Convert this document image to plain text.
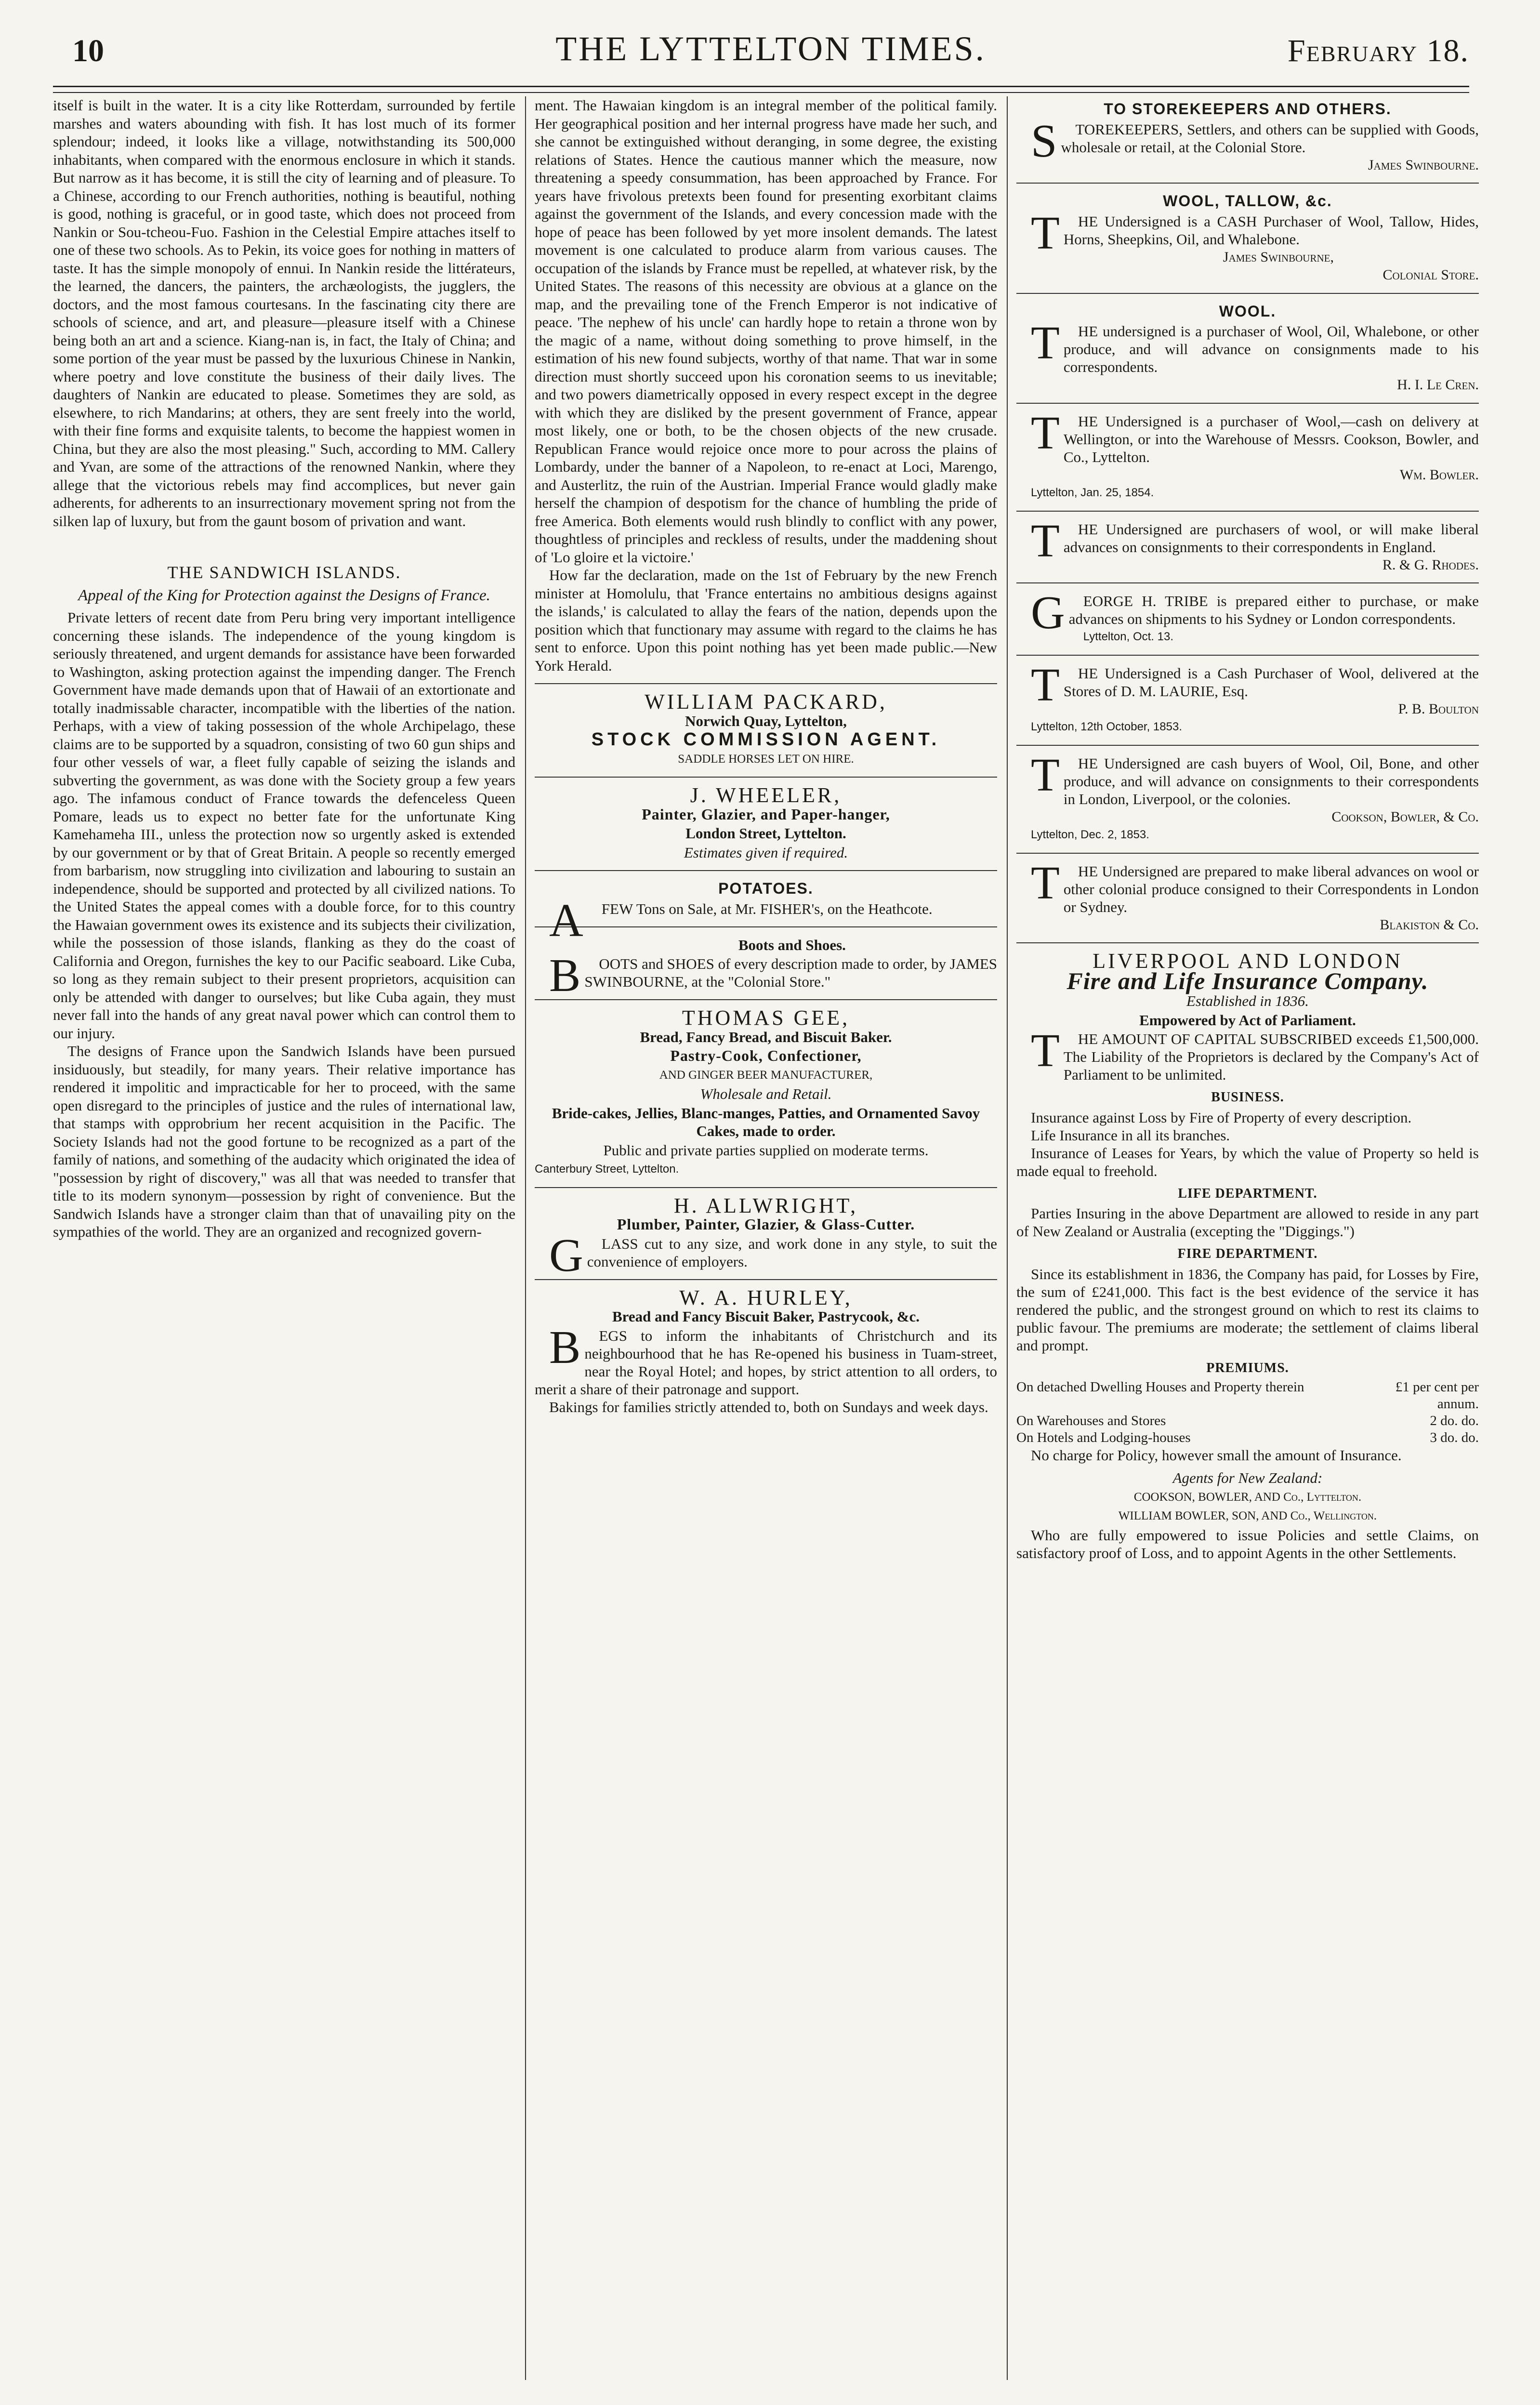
10	THE LYTTELTON TIMES.	February 18.

itself is built in the water. It is a city like Rotterdam, surrounded by fertile marshes and waters abounding with fish. It has lost much of its former splendour; indeed, it looks like a village, notwithstanding its 500,000 inhabitants, when compared with the enormous enclosure in which it stands. But narrow as it has become, it is still the city of learning and of pleasure. To a Chinese, according to our French authorities, nothing is beautiful, nothing is good, nothing is graceful, or in good taste, which does not proceed from Nankin or Sou-tcheou-Fuo. Fashion in the Celestial Empire attaches itself to one of these two schools. As to Pekin, its voice goes for nothing in matters of taste. It has the simple monopoly of ennui. In Nankin reside the littérateurs, the learned, the dancers, the painters, the archæologists, the jugglers, the doctors, and the most famous courtesans. In the fascinating city there are schools of science, and art, and pleasure—pleasure itself with a Chinese being both an art and a science. Kiang-nan is, in fact, the Italy of China; and some portion of the year must be passed by the luxurious Chinese in Nankin, where poetry and love constitute the business of their daily lives. The daughters of Nankin are educated to please. Sometimes they are sold, as elsewhere, to rich Mandarins; at others, they are sent freely into the world, with their fine forms and exquisite talents, to become the happiest women in China, but they are also the most pleasing." Such, according to MM. Callery and Yvan, are some of the attractions of the renowned Nankin, where they allege that the victorious rebels may find accomplices, but never gain adherents, for adherents to an insurrectionary movement spring not from the silken lap of luxury, but from the gaunt bosom of privation and want.

THE SANDWICH ISLANDS.
Appeal of the King for Protection against the Designs of France.

Private letters of recent date from Peru bring very important intelligence concerning these islands. The independence of the young kingdom is seriously threatened, and urgent demands for assistance have been forwarded to Washington, asking protection against the impending danger. The French Government have made demands upon that of Hawaii of an extortionate and totally inadmissable character, incompatible with the liberties of the nation. Perhaps, with a view of taking possession of the whole Archipelago, these claims are to be supported by a squadron, consisting of two 60 gun ships and four other vessels of war, a fleet fully capable of seizing the islands and subverting the government, as was done with the Society group a few years ago. The infamous conduct of France towards the defenceless Queen Pomare, leads us to expect no better fate for the unfortunate King Kamehameha III., unless the protection now so urgently asked is extended by our government or by that of Great Britain. A people so recently emerged from barbarism, now struggling into civilization and labouring to sustain an independence, should be supported and protected by all civilized nations. To the United States the appeal comes with a double force, for to this country the Hawaian government owes its existence and its subjects their civilization, while the possession of those islands, flanking as they do the coast of California and Oregon, furnishes the key to our Pacific seaboard. Like Cuba, so long as they remain subject to their present proprietors, acquisition can only be attended with danger to ourselves; but like Cuba again, they must never fall into the hands of any great naval power which can control them to our injury.

The designs of France upon the Sandwich Islands have been pursued insiduously, but steadily, for many years. Their relative importance has rendered it impolitic and impracticable for her to proceed, with the same open disregard to the principles of justice and the rules of international law, that stamps with opprobrium her recent acquisition in the Pacific. The Society Islands had not the good fortune to be recognized as a part of the family of nations, and something of the audacity which originated the idea of "possession by right of discovery," was all that was needed to transfer that title to its modern synonym—possession by right of convenience. But the Sandwich Islands have a stronger claim than that of unavailing pity on the sympathies of the world. They are an organized and recognized govern-

ment. The Hawaian kingdom is an integral member of the political family. Her geographical position and her internal progress have made her such, and she cannot be extinguished without deranging, in some degree, the existing relations of States. Hence the cautious manner which the measure, now threatening a speedy consummation, has been approached by France. For years have frivolous pretexts been found for presenting exorbitant claims against the government of the Islands, and every concession made with the hope of peace has been followed by yet more insolent demands. The latest movement is one calculated to produce alarm from various causes. The occupation of the islands by France must be repelled, at whatever risk, by the United States. The reasons of this necessity are obvious at a glance on the map, and the prevailing tone of the French Emperor is not indicative of peace. 'The nephew of his uncle' can hardly hope to retain a throne won by the magic of a name, without doing something to prove himself, in the estimation of his new found subjects, worthy of that name. That war in some direction must shortly succeed upon his coronation seems to us inevitable; and two powers diametrically opposed in every respect except in the degree with which they are disliked by the present government of France, appear most likely, one or both, to be the chosen objects of the new crusade. Republican France would rejoice once more to pour across the plains of Lombardy, under the banner of a Napoleon, to re-enact at Loci, Marengo, and Austerlitz, the ruin of the Austrian. Imperial France would gladly make herself the champion of despotism for the chance of humbling the pride of free America. Both elements would rush blindly to conflict with any power, thoughtless of principles and reckless of results, under the maddening shout of 'Lo gloire et la victoire.'

How far the declaration, made on the 1st of February by the new French minister at Homolulu, that 'France entertains no ambitious designs against the islands,' is calculated to allay the fears of the nation, depends upon the position which that functionary may assume with regard to the claims he has sent to enforce. Upon this point nothing has yet been made public.—New York Herald.

WILLIAM PACKARD,
Norwich Quay, Lyttelton,
STOCK COMMISSION AGENT.
SADDLE HORSES LET ON HIRE.
J. WHEELER,
Painter, Glazier, and Paper-hanger,
London Street, Lyttelton.
Estimates given if required.
POTATOES.

A FEW Tons on Sale, at Mr. FISHER's, on the Heathcote.

Boots and Shoes.

B OOTS and SHOES of every description made to order, by JAMES SWINBOURNE, at the "Colonial Store."

THOMAS GEE,
Bread, Fancy Bread, and Biscuit Baker.
Pastry-Cook, Confectioner,
AND GINGER BEER MANUFACTURER,
Wholesale and Retail.
Bride-cakes, Jellies, Blanc-manges, Patties, and Ornamented Savoy Cakes, made to order.
Public and private parties supplied on moderate terms.
Canterbury Street, Lyttelton.
H. ALLWRIGHT,
Plumber, Painter, Glazier, & Glass-Cutter.

G LASS cut to any size, and work done in any style, to suit the convenience of employers.

W. A. HURLEY,
Bread and Fancy Biscuit Baker, Pastrycook, &c.

B EGS to inform the inhabitants of Christchurch and its neighbourhood that he has Re-opened his business in Tuam-street, near the Royal Hotel; and hopes, by strict attention to all orders, to merit a share of their patronage and support.

Bakings for families strictly attended to, both on Sundays and week days.

TO STOREKEEPERS AND OTHERS.

S TOREKEEPERS, Settlers, and others can be supplied with Goods, wholesale or retail, at the Colonial Store.

James Swinbourne.

WOOL, TALLOW, &c.

T HE Undersigned is a CASH Purchaser of Wool, Tallow, Hides, Horns, Sheepkins, Oil, and Whalebone.

James Swinbourne,

Colonial Store.

WOOL.

T HE undersigned is a purchaser of Wool, Oil, Whalebone, or other produce, and will advance on consignments made to his correspondents.

H. I. Le Cren.

T HE Undersigned is a purchaser of Wool,—cash on delivery at Wellington, or into the Warehouse of Messrs. Cookson, Bowler, and Co., Lyttelton.

Wm. Bowler.

Lyttelton, Jan. 25, 1854.

T HE Undersigned are purchasers of wool, or will make liberal advances on consignments to their correspondents in England.

R. & G. Rhodes.

G EORGE H. TRIBE is prepared either to purchase, or make advances on shipments to his Sydney or London correspondents.

Lyttelton, Oct. 13.

T HE Undersigned is a Cash Purchaser of Wool, delivered at the Stores of D. M. LAURIE, Esq.

P. B. Boulton

Lyttelton, 12th October, 1853.

T HE Undersigned are cash buyers of Wool, Oil, Bone, and other produce, and will advance on consignments to their correspondents in London, Liverpool, or the colonies.

Cookson, Bowler, & Co.

Lyttelton, Dec. 2, 1853.

T HE Undersigned are prepared to make liberal advances on wool or other colonial produce consigned to their Correspondents in London or Sydney.

Blakiston & Co.

LIVERPOOL AND LONDON
Fire and Life Insurance Company.
Established in 1836.
Empowered by Act of Parliament.

T HE AMOUNT OF CAPITAL SUBSCRIBED exceeds £1,500,000. The Liability of the Proprietors is declared by the Company's Act of Parliament to be unlimited.

BUSINESS.

Insurance against Loss by Fire of Property of every description.

Life Insurance in all its branches.

Insurance of Leases for Years, by which the value of Property so held is made equal to freehold.

LIFE DEPARTMENT.

Parties Insuring in the above Department are allowed to reside in any part of New Zealand or Australia (excepting the "Diggings.")

FIRE DEPARTMENT.

Since its establishment in 1836, the Company has paid, for Losses by Fire, the sum of £241,000. This fact is the best evidence of the service it has rendered the public, and the strongest ground on which to rest its claims to public favour. The premiums are moderate; the settlement of claims liberal and prompt.

PREMIUMS.
On detached Dwelling Houses and Property therein	£1 per cent per annum.
On Warehouses and Stores	2 do. do.
On Hotels and Lodging-houses	3 do. do.

No charge for Policy, however small the amount of Insurance.

Agents for New Zealand:
COOKSON, BOWLER, AND Co., Lyttelton.
WILLIAM BOWLER, SON, AND Co., Wellington.

Who are fully empowered to issue Policies and settle Claims, on satisfactory proof of Loss, and to appoint Agents in the other Settlements.
